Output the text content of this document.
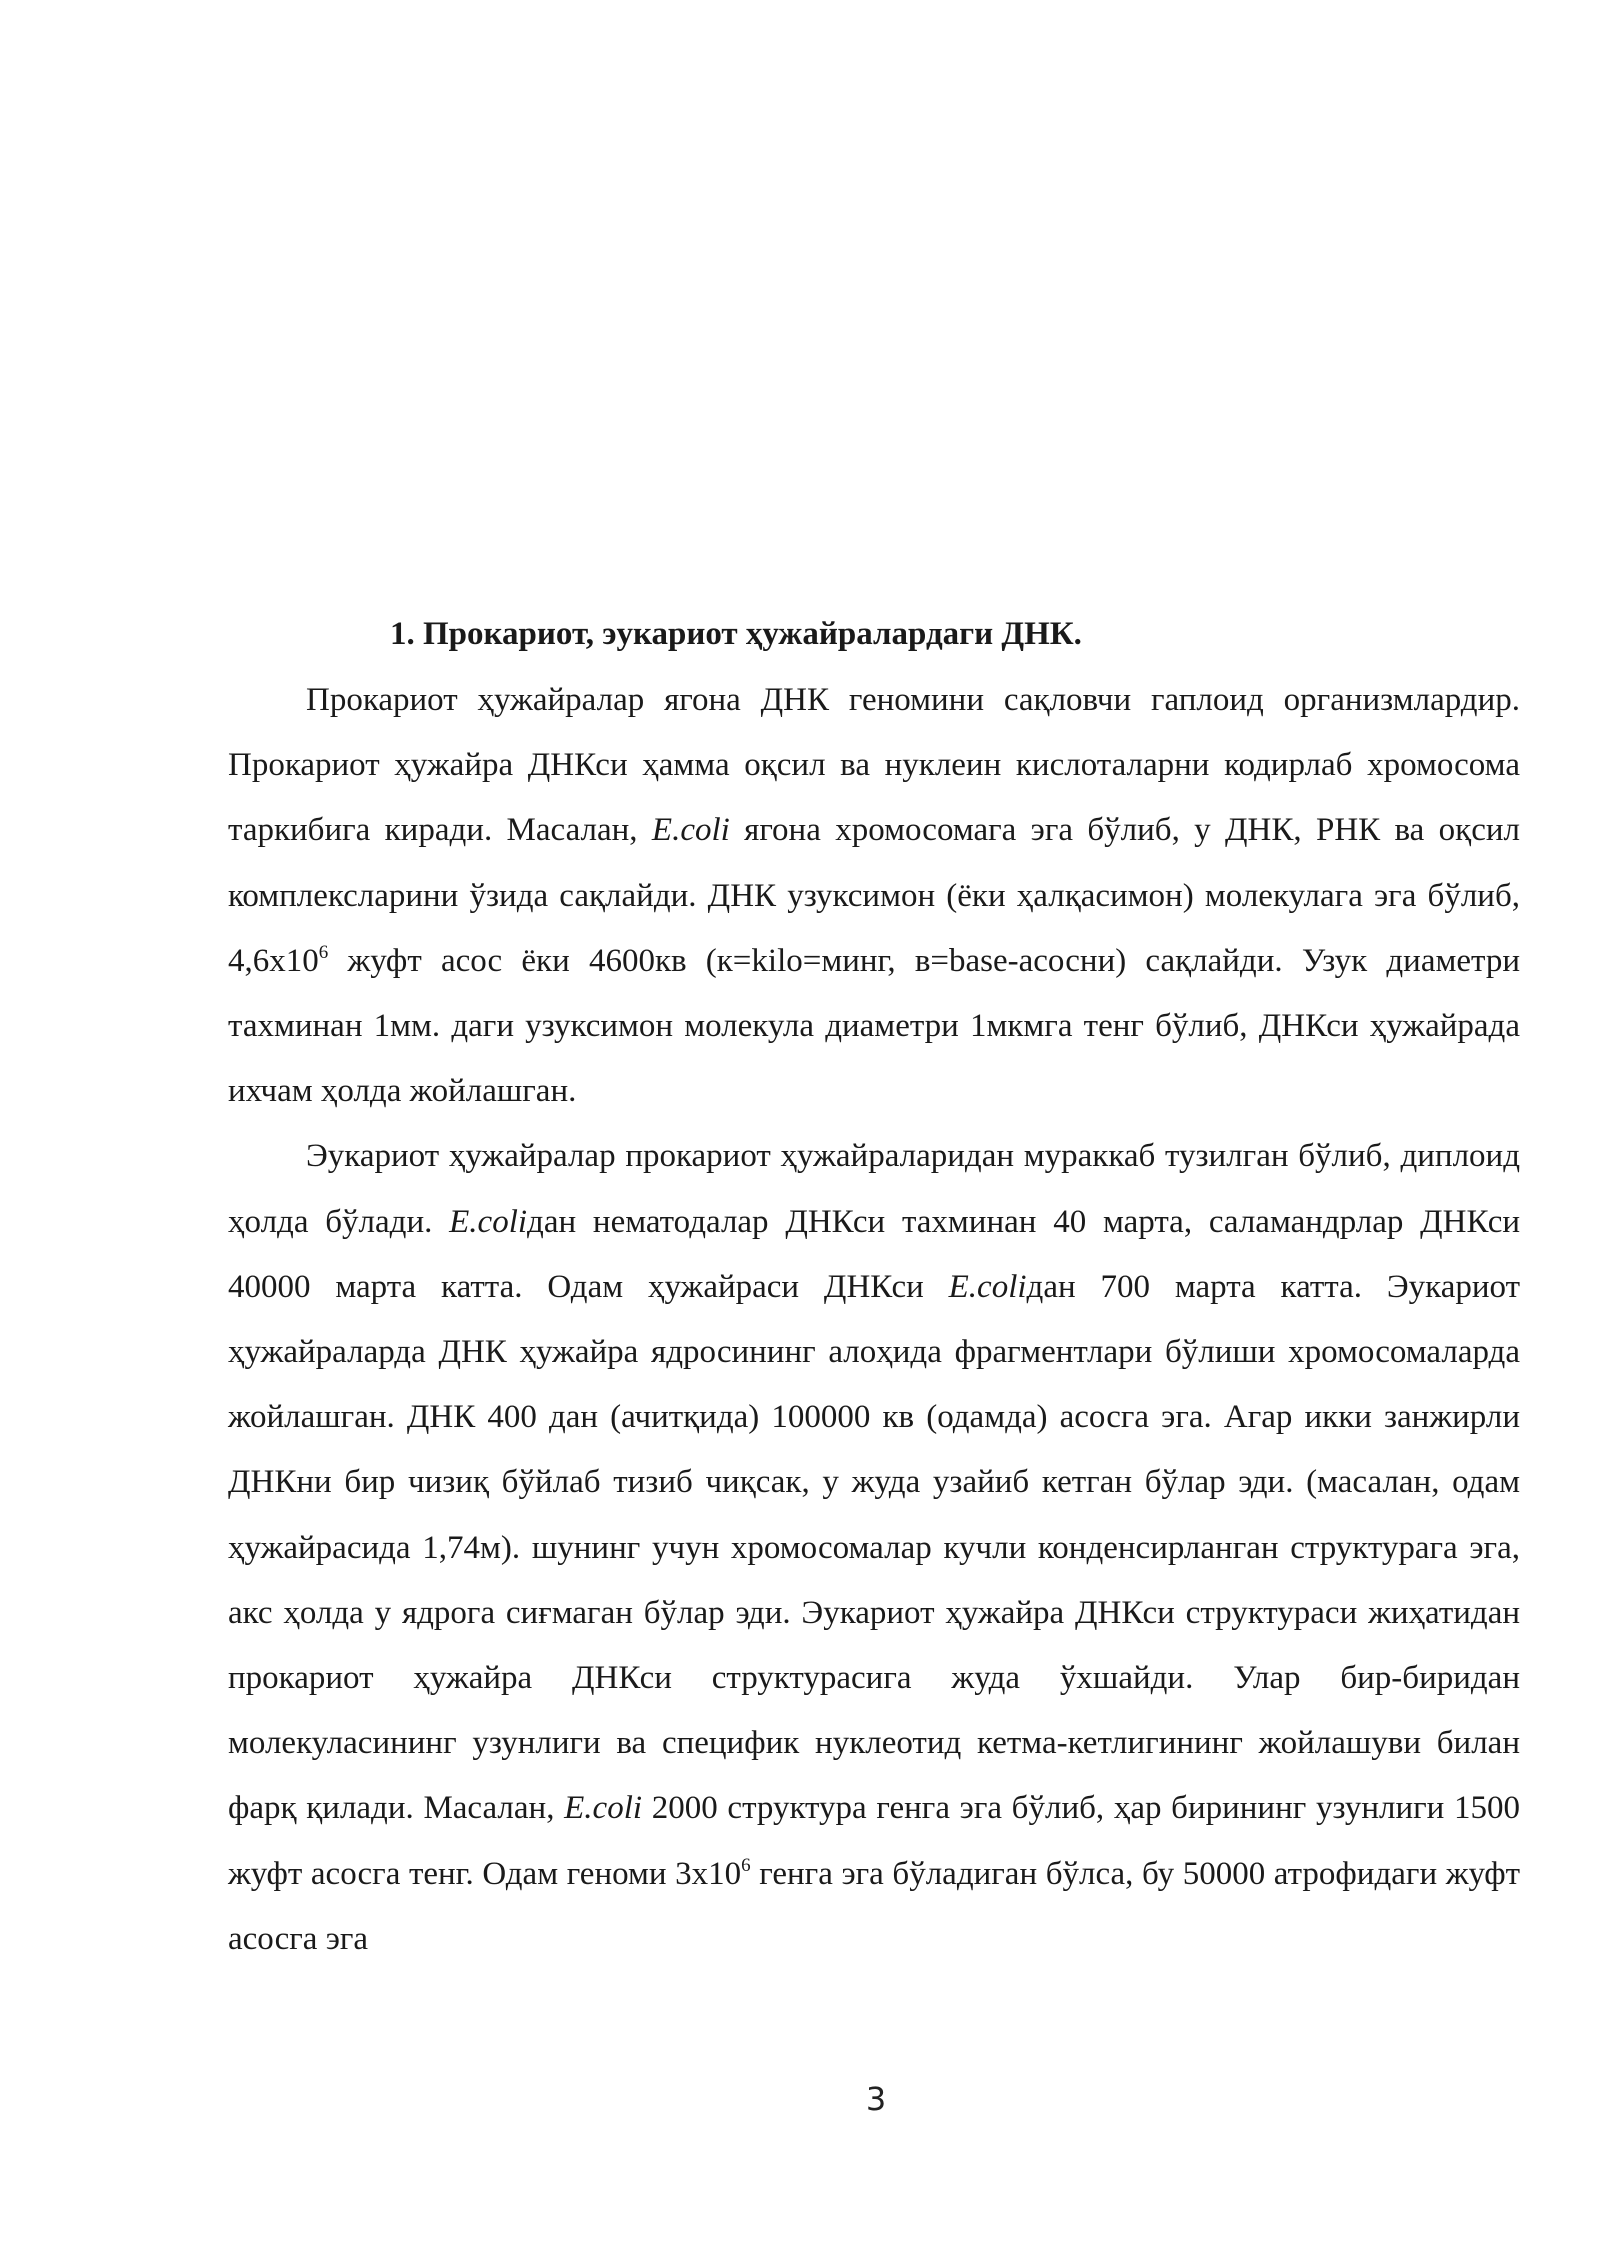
1. Прокариот, эукариот ҳужайралардаги ДНК.

Прокариот ҳужайралар ягона ДНК геномини сақловчи гаплоид организмлардир. Прокариот ҳужайра ДНКси ҳамма оқсил ва нуклеин кислоталарни кодирлаб хромосома таркибига киради. Масалан, E.coli ягона хромосомага эга бўлиб, у ДНК, РНК ва оқсил комплексларини ўзида сақлайди. ДНК узуксимон (ёки ҳалқасимон) молекулага эга бўлиб, $4,6х10^6$ жуфт асос ёки 4600кв (к=kilo=минг, в=base-асосни) сақлайди. Узук диаметри тахминан 1мм. даги узуксимон молекула диаметри 1мкмга тенг бўлиб, ДНКси ҳужайрада ихчам ҳолда жойлашган.

Эукариот ҳужайралар прокариот ҳужайраларидан мураккаб тузилган бўлиб, диплоид ҳолда бўлади. E.coliдан нематодалар ДНКси тахминан 40 марта, саламандрлар ДНКси 40000 марта катта. Одам ҳужайраси ДНКси E.coliдан 700 марта катта. Эукариот ҳужайраларда ДНК ҳужайра ядросининг алоҳида фрагментлари бўлиши хромосомаларда жойлашган. ДНК 400 дан (ачитқида) 100000 кв (одамда) асосга эга. Агар икки занжирли ДНКни бир чизиқ бўйлаб тизиб чиқсак, у жуда узайиб кетган бўлар эди. (масалан, одам ҳужайрасида 1,74м). шунинг учун хромосомалар кучли конденсирланган структурага эга, акс ҳолда у ядрога сиғмаган бўлар эди. Эукариот ҳужайра ДНКси структураси жиҳатидан прокариот ҳужайра ДНКси структурасига жуда ўхшайди. Улар бир-биридан молекуласининг узунлиги ва специфик нуклеотид кетма-кетлигининг жойлашуви билан фарқ қилади. Масалан, E.coli 2000 структура генга эга бўлиб, ҳар бирининг узунлиги 1500 жуфт асосга тенг. Одам геноми $3х10^6$ генга эга бўладиган бўлса, бу 50000 атрофидаги жуфт асосга эга

3
